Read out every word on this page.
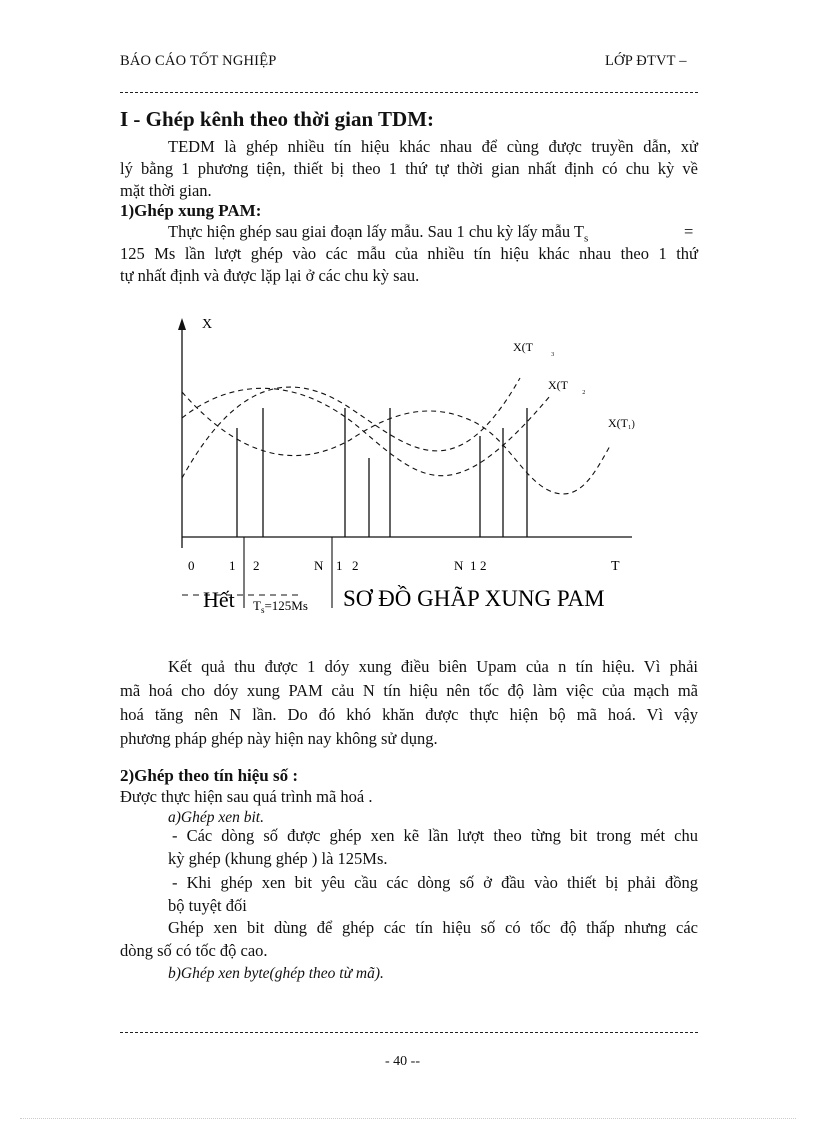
BÁO CÁO TỐT NGHIỆP	LỚP ĐTVT –
I - Ghép kênh theo thời gian TDM:
TEDM là ghép nhiều tín hiệu khác nhau để cùng được truyền dẫn, xử
lý bằng 1 phương tiện, thiết bị theo 1 thứ tự thời gian nhất định có chu kỳ về
mặt thời gian.
1)Ghép xung PAM:
Thực hiện ghép sau giai đoạn lấy mẫu. Sau 1 chu kỳ lấy mẫu $T_s$	=
125 Ms lần lượt ghép vào các mẫu của nhiều tín hiệu khác nhau theo 1 thứ
tự nhất định và được lặp lại ở các chu kỳ sau.
X
X(T $_{_3}$
X(T $_{_2}$
X(T₁)
0	1 2	N 1 2	N 1 2	T
Hết $T_s=125Ms$ SƠ ĐỒ GHÃP XUNG PAM
Kết quả thu được 1 dóy xung điều biên Upam của n tín hiệu. Vì phải
mã hoá cho dóy xung PAM cảu N tín hiệu nên tốc độ làm việc của mạch mã
hoá tăng nên N lần. Do đó khó khăn được thực hiện bộ mã hoá. Vì vậy
phương pháp ghép này hiện nay không sử dụng.
2)Ghép theo tín hiệu số :
Được thực hiện sau quá trình mã hoá .
a)Ghép xen bit.
- Các dòng số được ghép xen kẽ lần lượt theo từng bit trong mét chu
kỳ ghép (khung ghép ) là 125Ms.
- Khi ghép xen bit yêu cầu các dòng số ở đầu vào thiết bị phải đồng
bộ tuyệt đối
Ghép xen bit dùng để ghép các tín hiệu số có tốc độ thấp nhưng các
dòng số có tốc độ cao.
b)Ghép xen byte(ghép theo từ mã).
- 40 --
